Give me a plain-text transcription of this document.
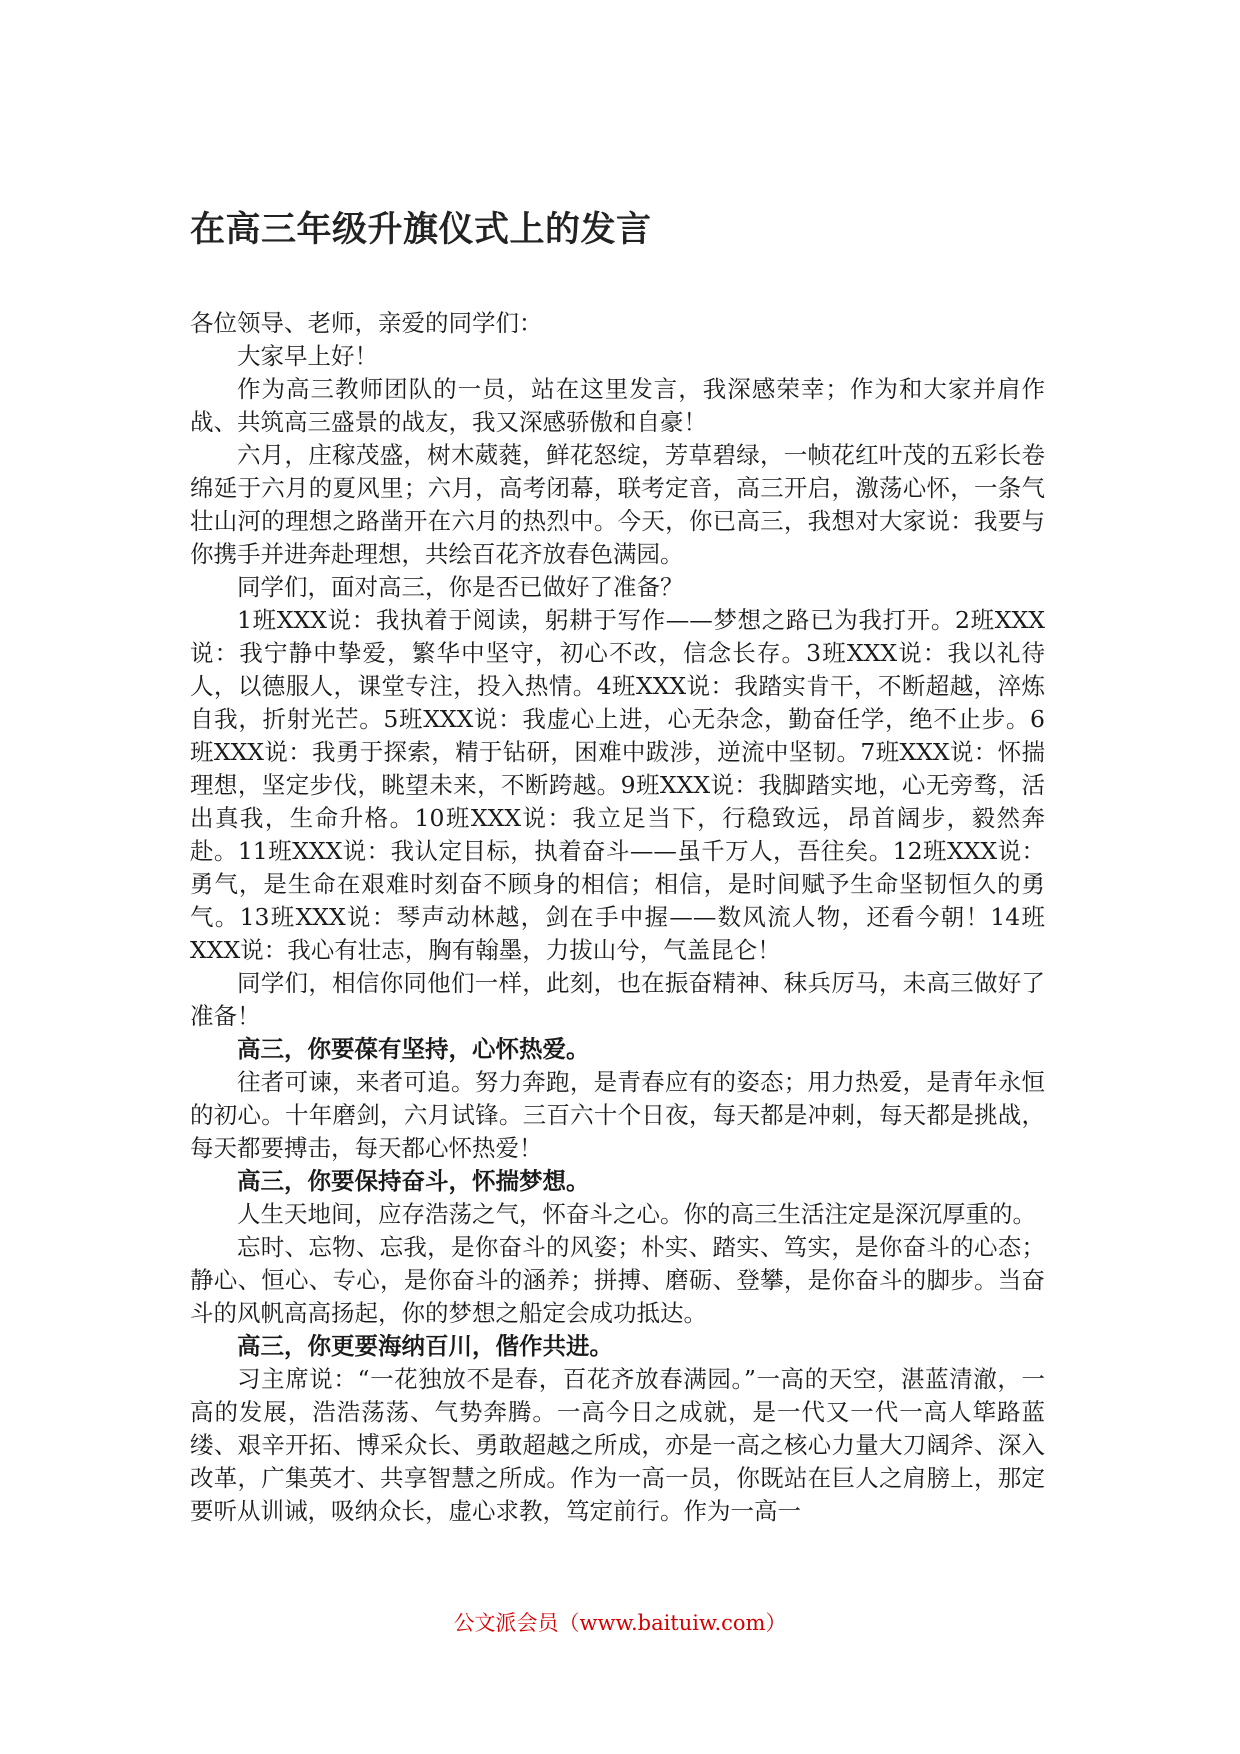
在高三年级升旗仪式上的发言

各位领导、老师，亲爱的同学们：

大家早上好！

作为高三教师团队的一员，站在这里发言，我深感荣幸；作为和大家并肩作战、共筑高三盛景的战友，我又深感骄傲和自豪！

六月，庄稼茂盛，树木葳蕤，鲜花怒绽，芳草碧绿，一帧花红叶茂的五彩长卷绵延于六月的夏风里；六月，高考闭幕，联考定音，高三开启，激荡心怀，一条气壮山河的理想之路凿开在六月的热烈中。今天，你已高三，我想对大家说：我要与你携手并进奔赴理想，共绘百花齐放春色满园。

同学们，面对高三，你是否已做好了准备？

1班XXX说：我执着于阅读，躬耕于写作——梦想之路已为我打开。2班XXX说：我宁静中挚爱，繁华中坚守，初心不改，信念长存。3班XXX说：我以礼待人，以德服人，课堂专注，投入热情。4班XXX说：我踏实肯干，不断超越，淬炼自我，折射光芒。5班XXX说：我虚心上进，心无杂念，勤奋任学，绝不止步。6班XXX说：我勇于探索，精于钻研，困难中跋涉，逆流中坚韧。7班XXX说：怀揣理想，坚定步伐，眺望未来，不断跨越。9班XXX说：我脚踏实地，心无旁骛，活出真我，生命升格。10班XXX说：我立足当下，行稳致远，昂首阔步，毅然奔赴。11班XXX说：我认定目标，执着奋斗——虽千万人，吾往矣。12班XXX说：勇气，是生命在艰难时刻奋不顾身的相信；相信，是时间赋予生命坚韧恒久的勇气。13班XXX说：琴声动林越，剑在手中握——数风流人物，还看今朝！14班XXX说：我心有壮志，胸有翰墨，力拔山兮，气盖昆仑！

同学们，相信你同他们一样，此刻，也在振奋精神、秣兵厉马，未高三做好了准备！

高三，你要葆有坚持，心怀热爱。

往者可谏，来者可追。努力奔跑，是青春应有的姿态；用力热爱，是青年永恒的初心。十年磨剑，六月试锋。三百六十个日夜，每天都是冲刺，每天都是挑战，每天都要搏击，每天都心怀热爱！

高三，你要保持奋斗，怀揣梦想。

人生天地间，应存浩荡之气，怀奋斗之心。你的高三生活注定是深沉厚重的。

忘时、忘物、忘我，是你奋斗的风姿；朴实、踏实、笃实，是你奋斗的心态；静心、恒心、专心，是你奋斗的涵养；拼搏、磨砺、登攀，是你奋斗的脚步。当奋斗的风帆高高扬起，你的梦想之船定会成功抵达。

高三，你更要海纳百川，偕作共进。

习主席说：“一花独放不是春，百花齐放春满园。”一高的天空，湛蓝清澈，一高的发展，浩浩荡荡、气势奔腾。一高今日之成就，是一代又一代一高人筚路蓝缕、艰辛开拓、博采众长、勇敢超越之所成，亦是一高之核心力量大刀阔斧、深入改革，广集英才、共享智慧之所成。作为一高一员，你既站在巨人之肩膀上，那定要听从训诫，吸纳众长，虚心求教，笃定前行。作为一高一

公文派会员（www.baituiw.com）
